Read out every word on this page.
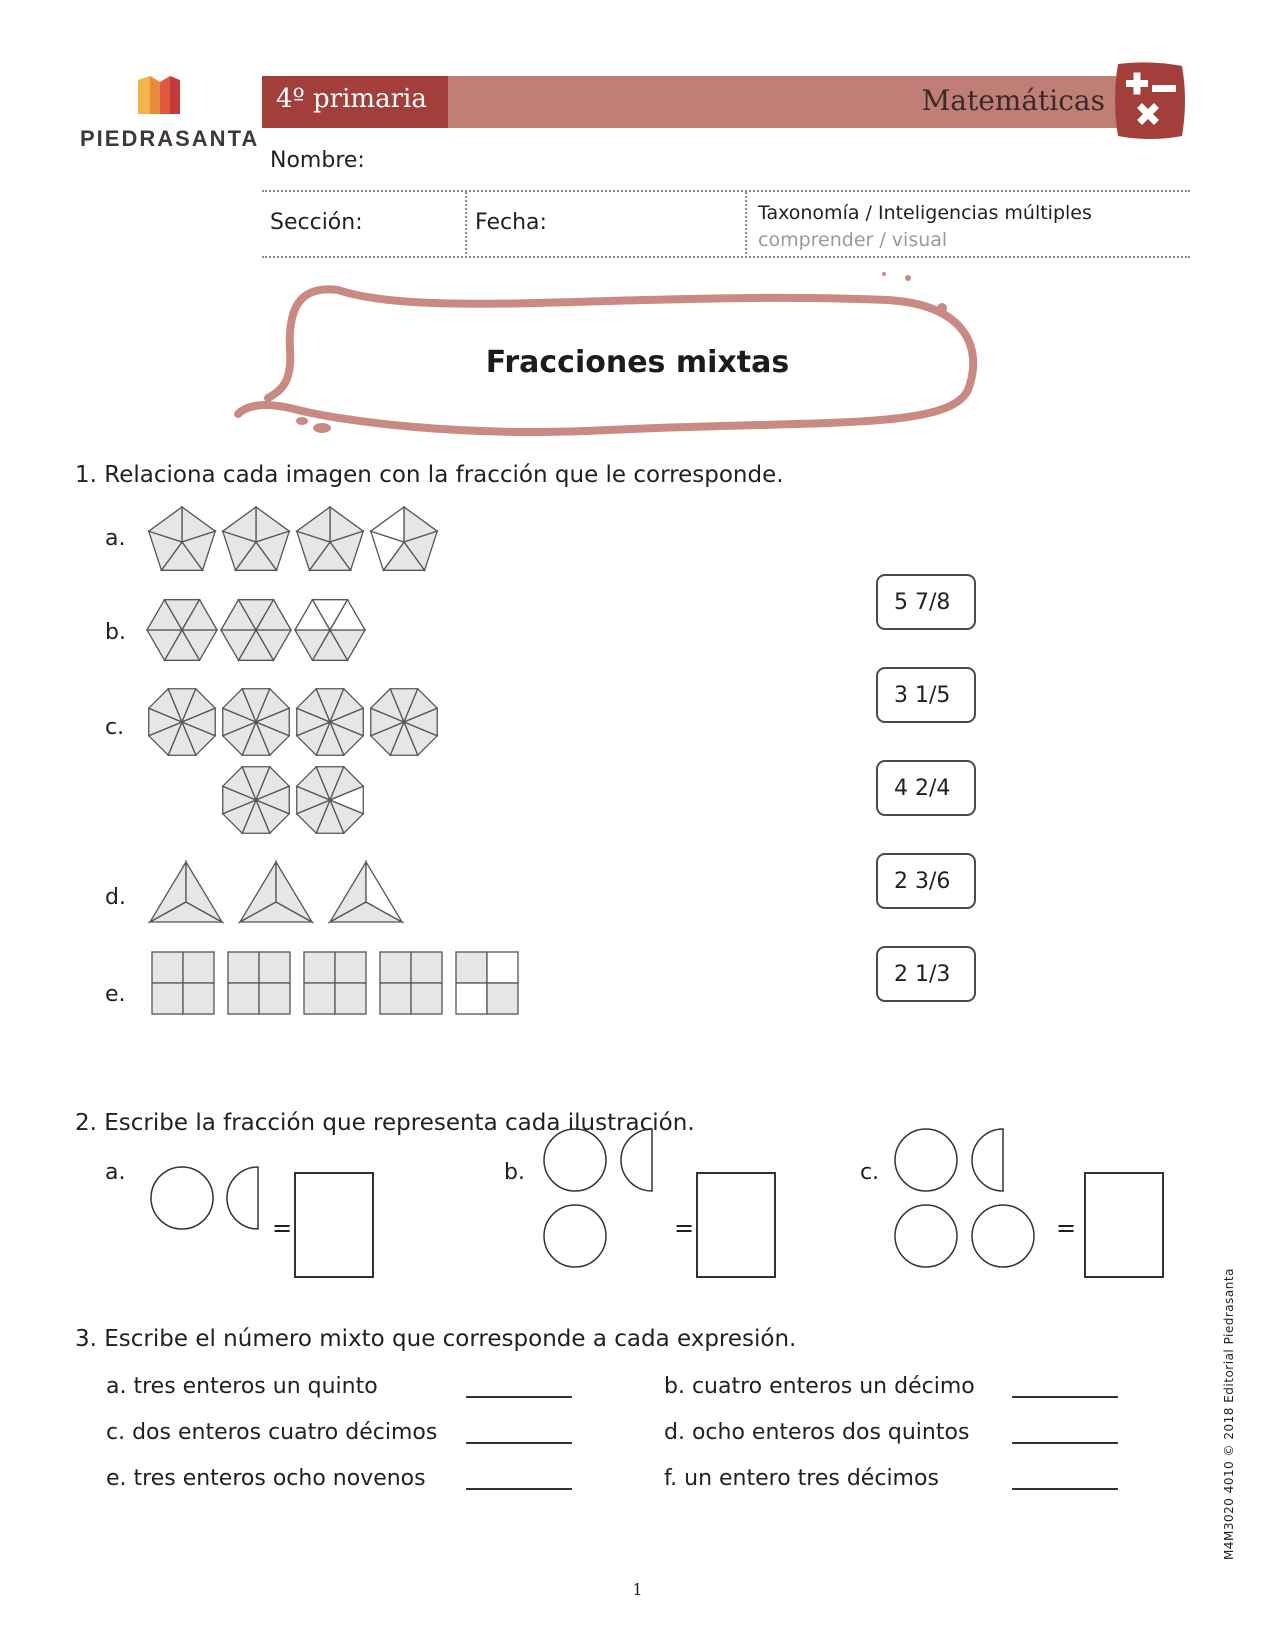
PIEDRASANTA
4º primaria	Matemáticas
Nombre:
Sección:	Fecha:	Taxonomía / Inteligencias múltiples
comprender / visual
Fracciones mixtas
1. Relaciona cada imagen con la fracción que le corresponde.
a.
b.
c.
d.
e.
5 7/8
3 1/5
4 2/4
2 3/6
2 1/3
2. Escribe la fracción que representa cada ilustración.
a.	b.	c.
=	=	=
3. Escribe el número mixto que corresponde a cada expresión.
a. tres enteros un quinto	b. cuatro enteros un décimo
c. dos enteros cuatro décimos	d. ocho enteros dos quintos
e. tres enteros ocho novenos	f. un entero tres décimos	M4M3020 4010 © 2018 Editorial Piedrasanta
1
